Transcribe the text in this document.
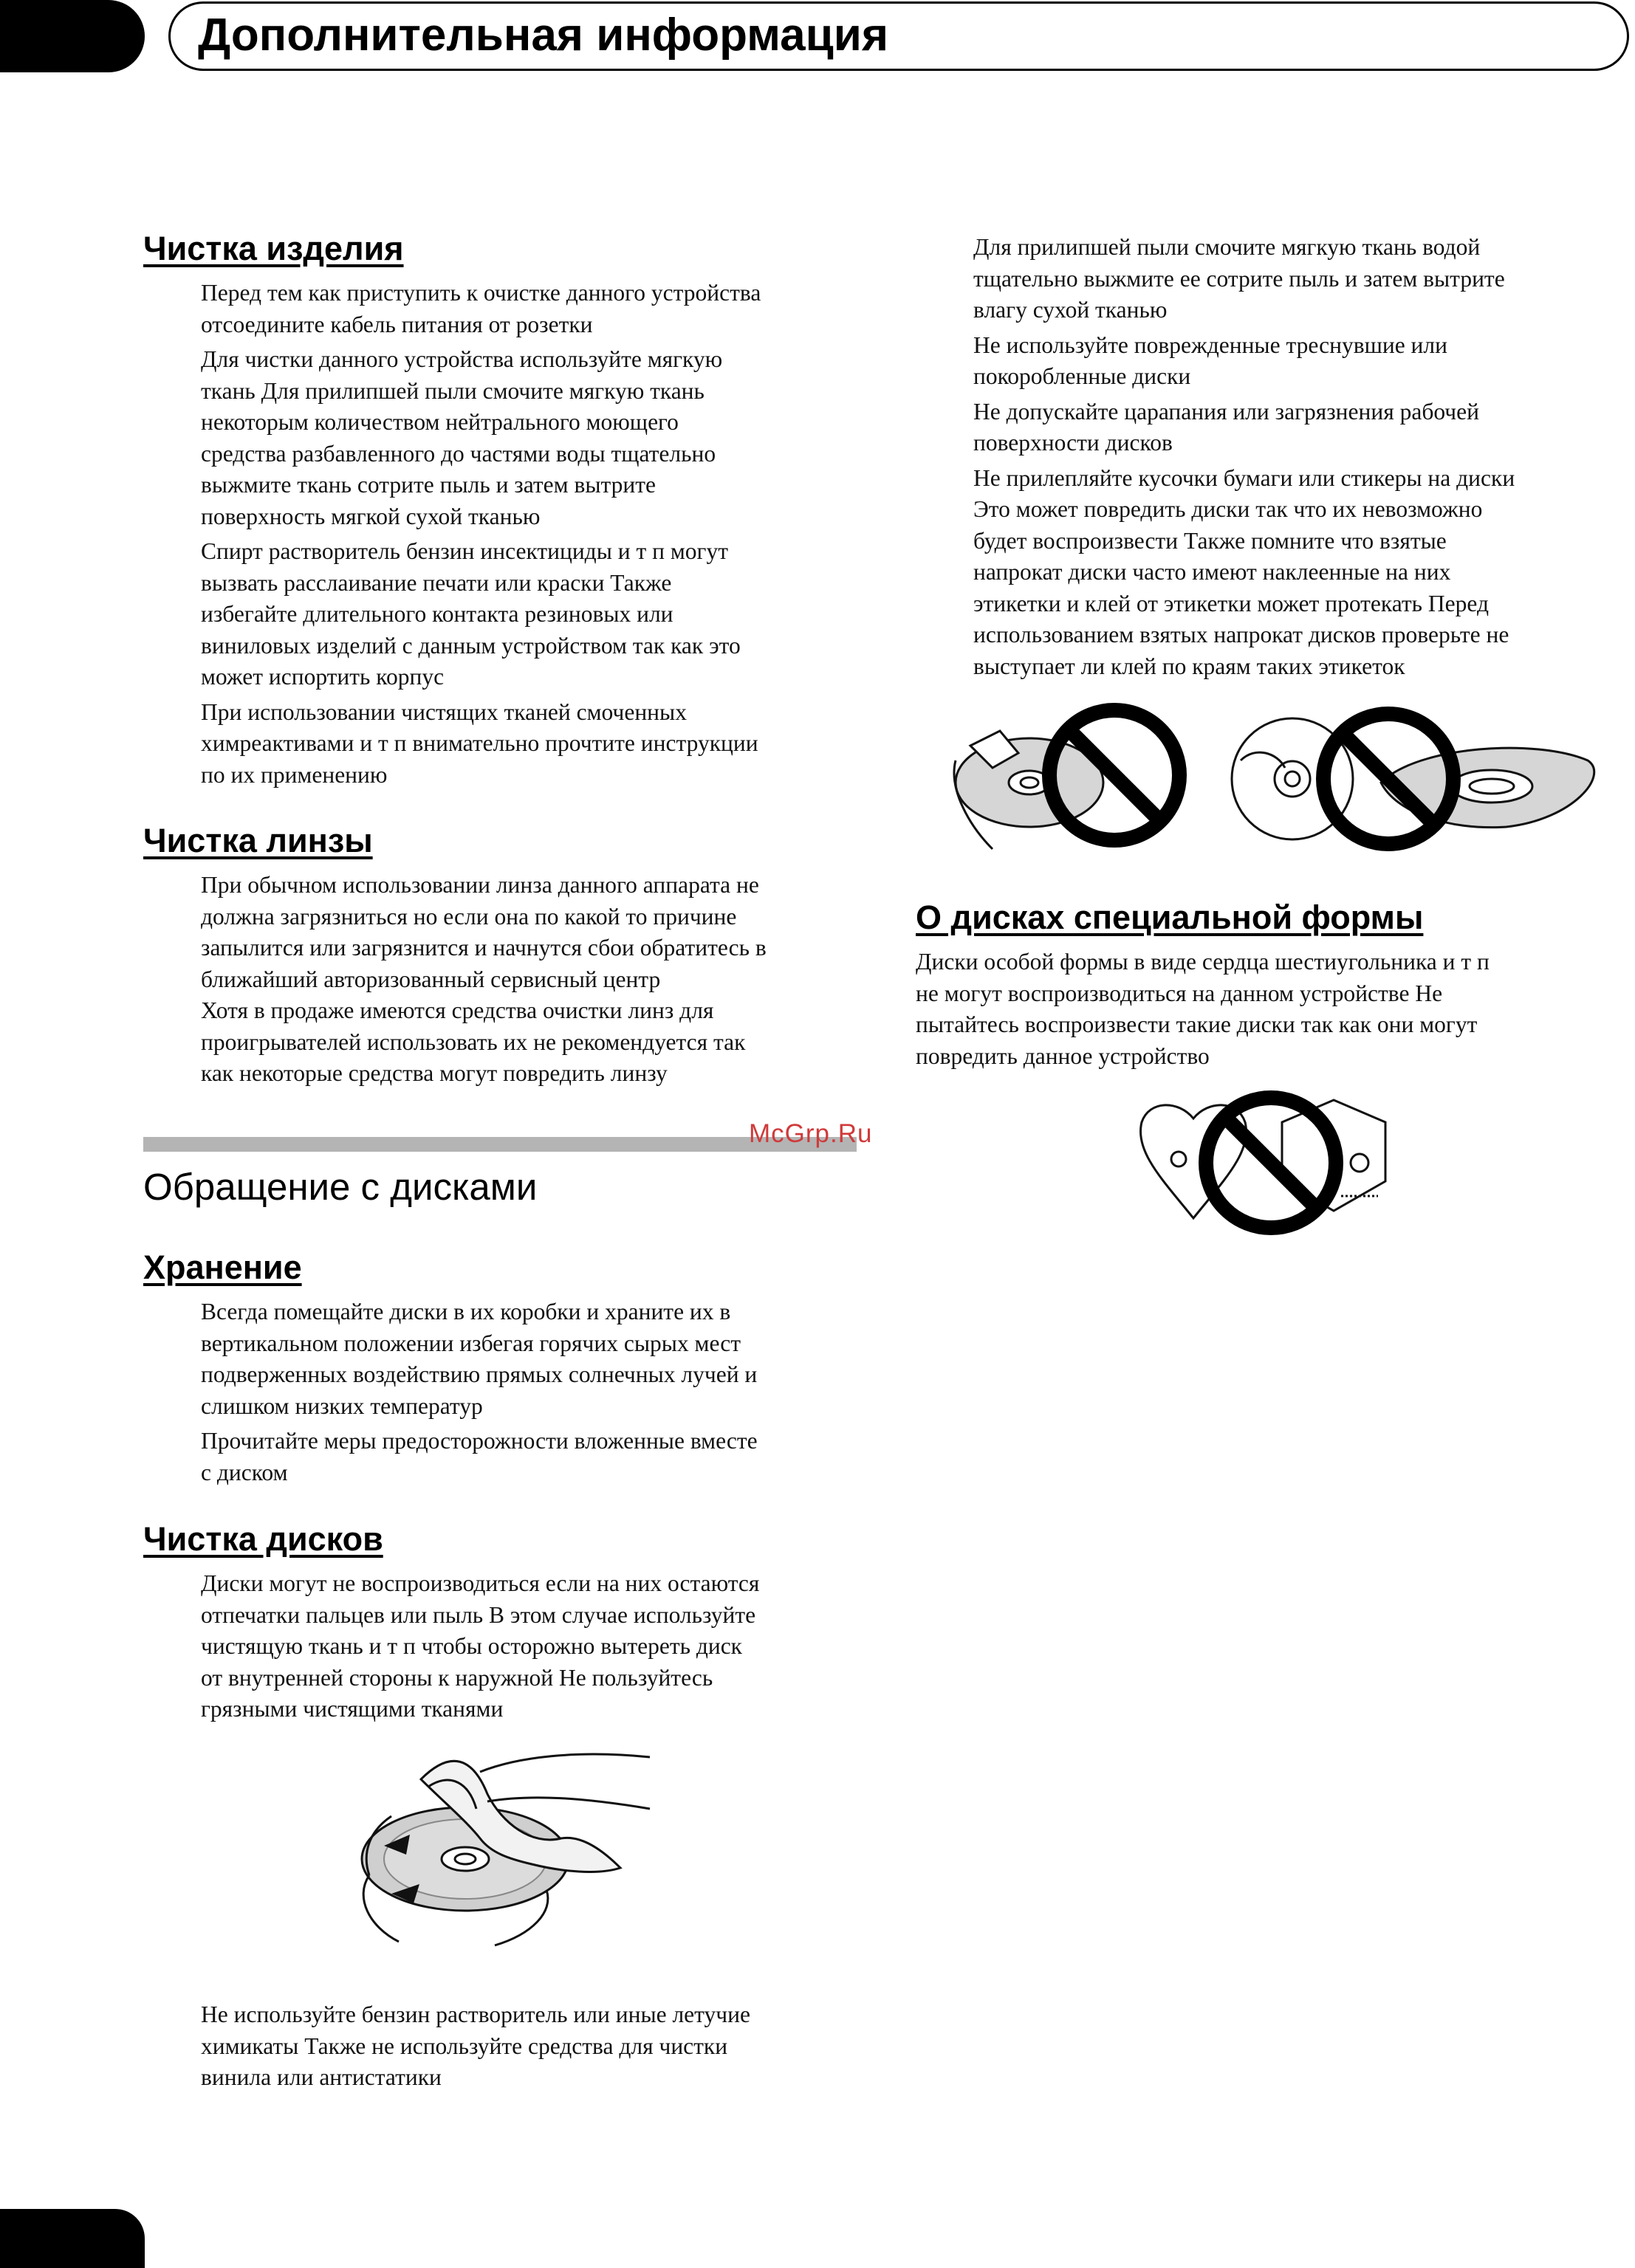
Дополнительная информация
Чистка изделия
Перед тем как приступить к очистке данного устройства
отсоедините кабель питания от розетки
Для чистки данного устройства используйте мягкую
ткань Для прилипшей пыли смочите мягкую ткань
некоторым количеством нейтрального моющего
средства разбавленного до частями воды тщательно
выжмите ткань сотрите пыль и затем вытрите
поверхность мягкой сухой тканью
Спирт растворитель бензин инсектициды и т п могут
вызвать расслаивание печати или краски Также
избегайте длительного контакта резиновых или
виниловых изделий с данным устройством так как это
может испортить корпус
При использовании чистящих тканей смоченных
химреактивами и т п внимательно прочтите инструкции
по их применению
Чистка линзы
При обычном использовании линза данного аппарата не
должна загрязниться но если она по какой то причине
запылится или загрязнится и начнутся сбои обратитесь в
ближайший авторизованный сервисный центр
Хотя в продаже имеются средства очистки линз для
проигрывателей использовать их не рекомендуется так
как некоторые средства могут повредить линзу
McGrp.Ru
Обращение с дисками
Хранение
Всегда помещайте диски в их коробки и храните их в
вертикальном положении избегая горячих сырых мест
подверженных воздействию прямых солнечных лучей и
слишком низких температур
Прочитайте меры предосторожности вложенные вместе
с диском
Чистка дисков
Диски могут не воспроизводиться если на них остаются
отпечатки пальцев или пыль В этом случае используйте
чистящую ткань и т п чтобы осторожно вытереть диск
от внутренней стороны к наружной Не пользуйтесь
грязными чистящими тканями
Не используйте бензин растворитель или иные летучие
химикаты Также не используйте средства для чистки
винила или антистатики
Для прилипшей пыли смочите мягкую ткань водой
тщательно выжмите ее сотрите пыль и затем вытрите
влагу сухой тканью
Не используйте поврежденные треснувшие или
покоробленные диски
Не допускайте царапания или загрязнения рабочей
поверхности дисков
Не прилепляйте кусочки бумаги или стикеры на диски
Это может повредить диски так что их невозможно
будет воспроизвести Также помните что взятые
напрокат диски часто имеют наклеенные на них
этикетки и клей от этикетки может протекать Перед
использованием взятых напрокат дисков проверьте не
выступает ли клей по краям таких этикеток
О дисках специальной формы
Диски особой формы в виде сердца шестиугольника и т п
не могут воспроизводиться на данном устройстве Не
пытайтесь воспроизвести такие диски так как они могут
повредить данное устройство
